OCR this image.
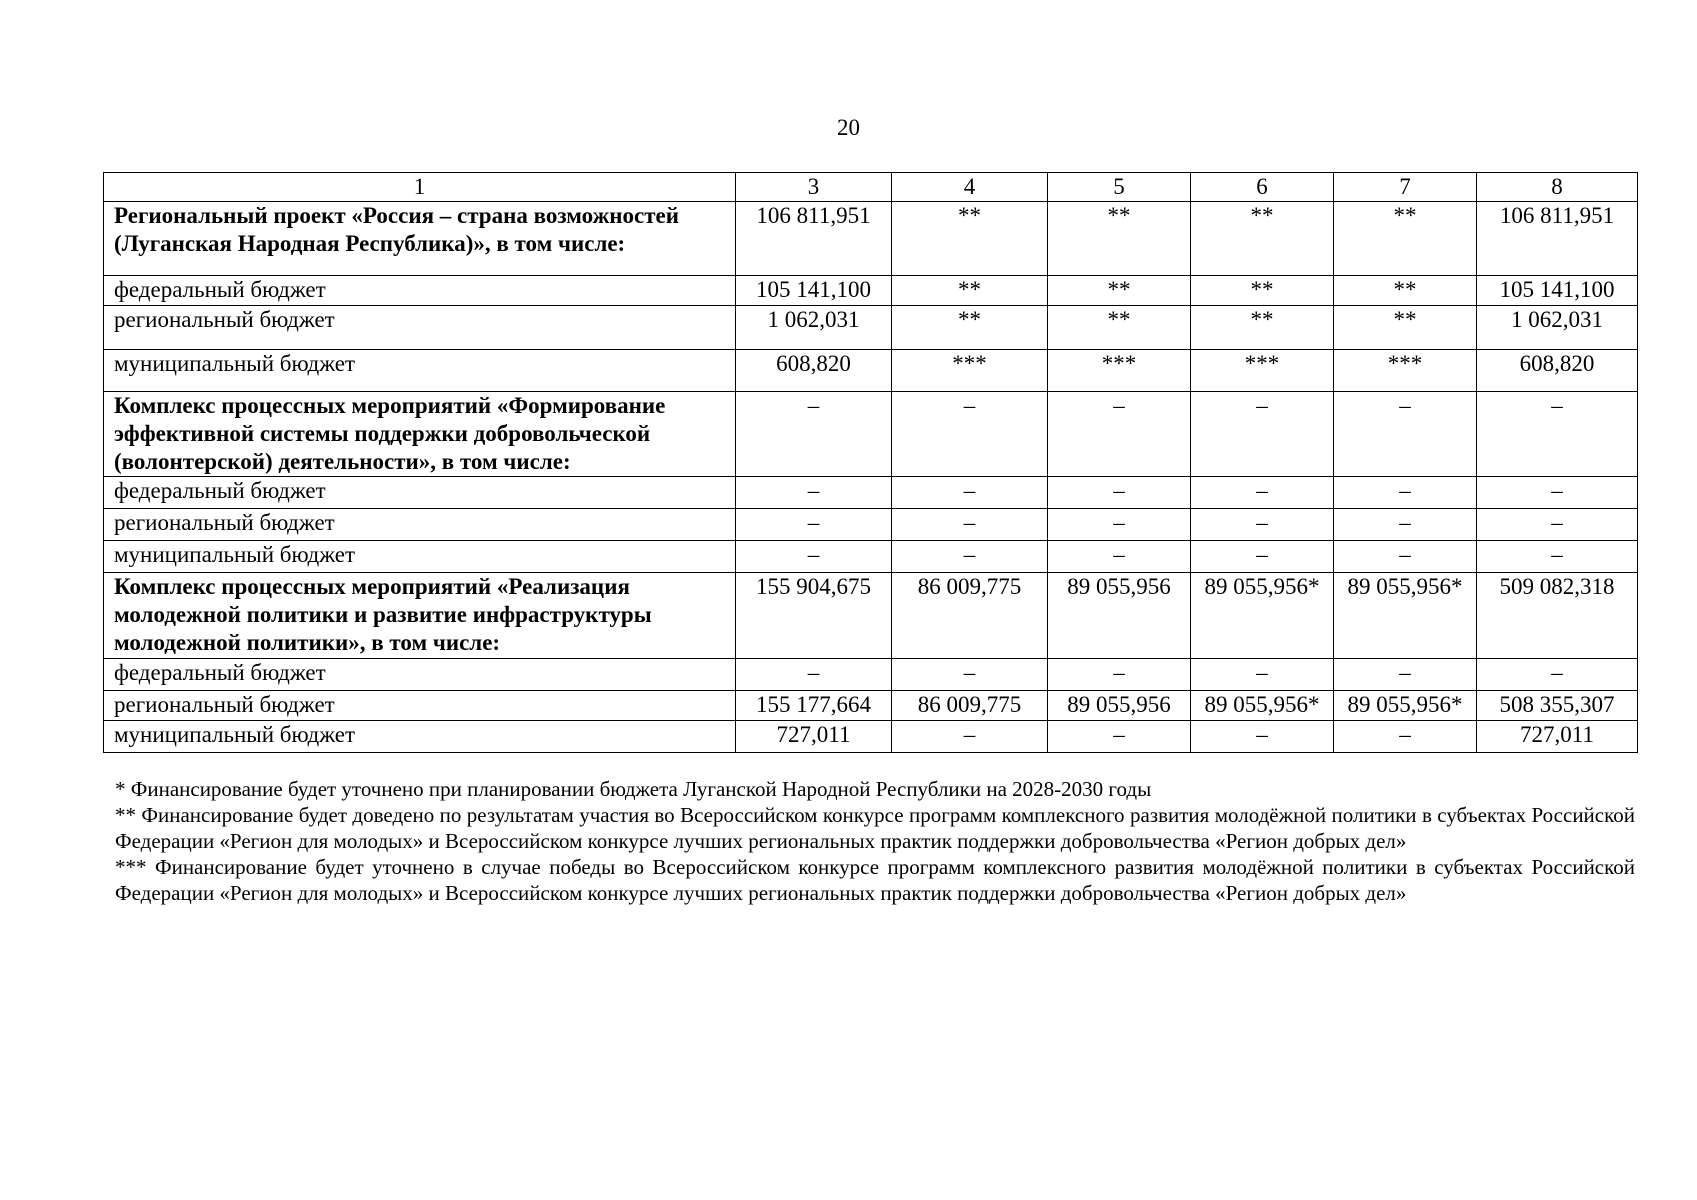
20
1	3	4	5	6	7	8
Региональный проект «Россия – страна возможностей (Луганская Народная Республика)», в том числе:	106 811,951	**	**	**	**	106 811,951
федеральный бюджет	105 141,100	**	**	**	**	105 141,100
региональный бюджет	1 062,031	**	**	**	**	1 062,031
муниципальный бюджет	608,820	***	***	***	***	608,820
Комплекс процессных мероприятий «Формирование эффективной системы поддержки добровольческой (волонтерской) деятельности», в том числе:	–	–	–	–	–	–
федеральный бюджет	–	–	–	–	–	–
региональный бюджет	–	–	–	–	–	–
муниципальный бюджет	–	–	–	–	–	–
Комплекс процессных мероприятий «Реализация молодежной политики и развитие инфраструктуры молодежной политики», в том числе:	155 904,675	86 009,775	89 055,956	89 055,956*	89 055,956*	509 082,318
федеральный бюджет	–	–	–	–	–	–
региональный бюджет	155 177,664	86 009,775	89 055,956	89 055,956*	89 055,956*	508 355,307
муниципальный бюджет	727,011	–	–	–	–	727,011

* Финансирование будет уточнено при планировании бюджета Луганской Народной Республики на 2028-2030 годы

** Финансирование будет доведено по результатам участия во Всероссийском конкурсе программ комплексного развития молодёжной политики в субъектах Российской Федерации «Регион для молодых» и Всероссийском конкурсе лучших региональных практик поддержки добровольчества «Регион добрых дел»

*** Финансирование будет уточнено в случае победы во Всероссийском конкурсе программ комплексного развития молодёжной политики в субъектах Российской Федерации «Регион для молодых» и Всероссийском конкурсе лучших региональных практик поддержки добровольчества «Регион добрых дел»
